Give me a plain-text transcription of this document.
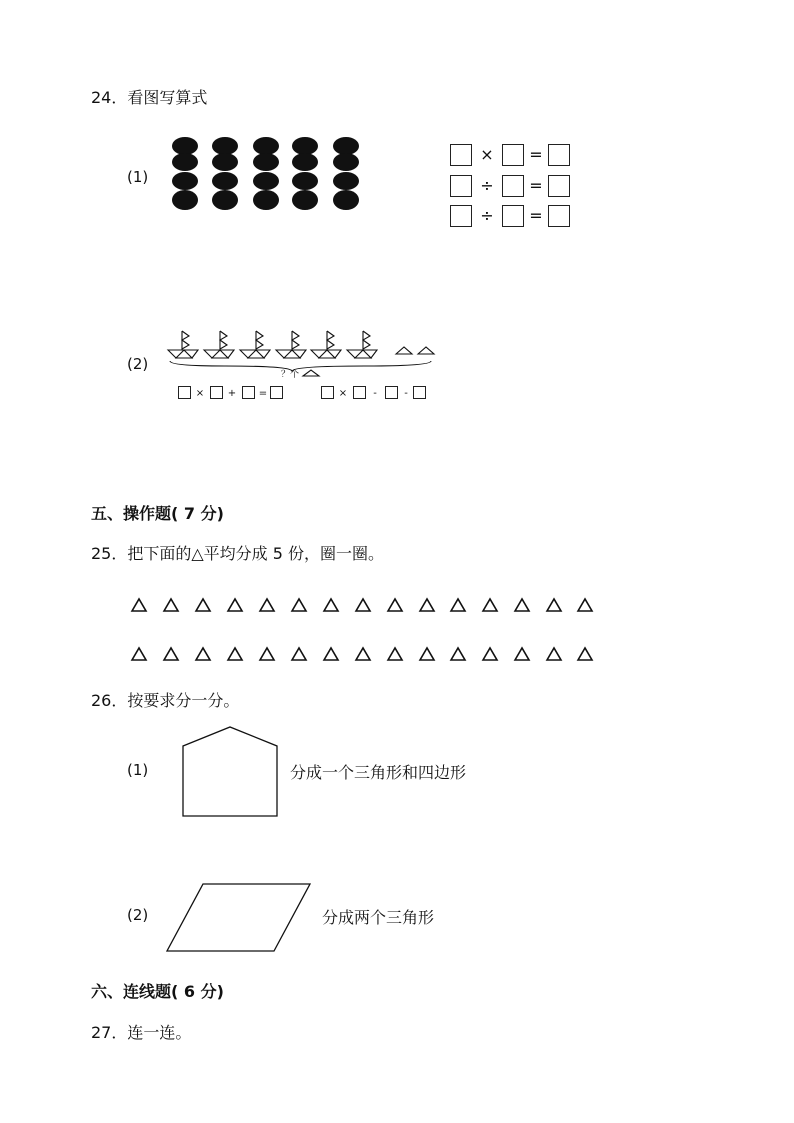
24．看图写算式
(1)
×	=
÷	=
÷	=
(2)
？个
× + =	×	-	-
五、操作题( 7 分)
25．把下面的△平均分成 5 份，圈一圈。
26．按要求分一分。
(1)	分成一个三角形和四边形
(2)	分成两个三角形
六、连线题( 6 分)
27．连一连。
